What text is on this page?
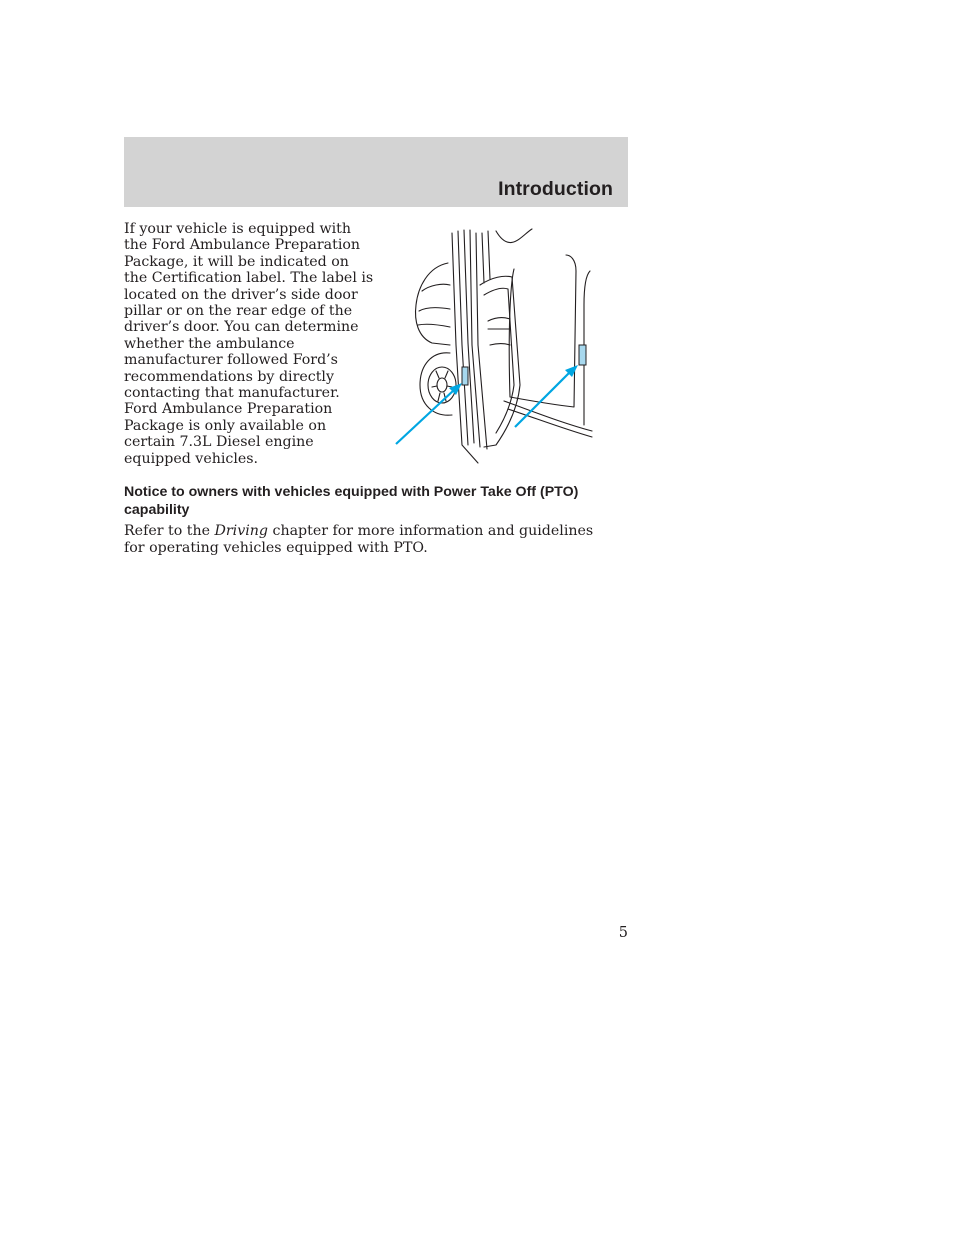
Introduction

If your vehicle is equipped with the Ford Ambulance Preparation Package, it will be indicated on the Certification label. The label is located on the driver’s side door pillar or on the rear edge of the driver’s door. You can determine whether the ambulance manufacturer followed Ford’s recommendations by directly contacting that manufacturer. Ford Ambulance Preparation Package is only available on certain 7.3L Diesel engine equipped vehicles.

Notice to owners with vehicles equipped with Power Take Off (PTO) capability

Refer to the Driving chapter for more information and guidelines for operating vehicles equipped with PTO.

5
